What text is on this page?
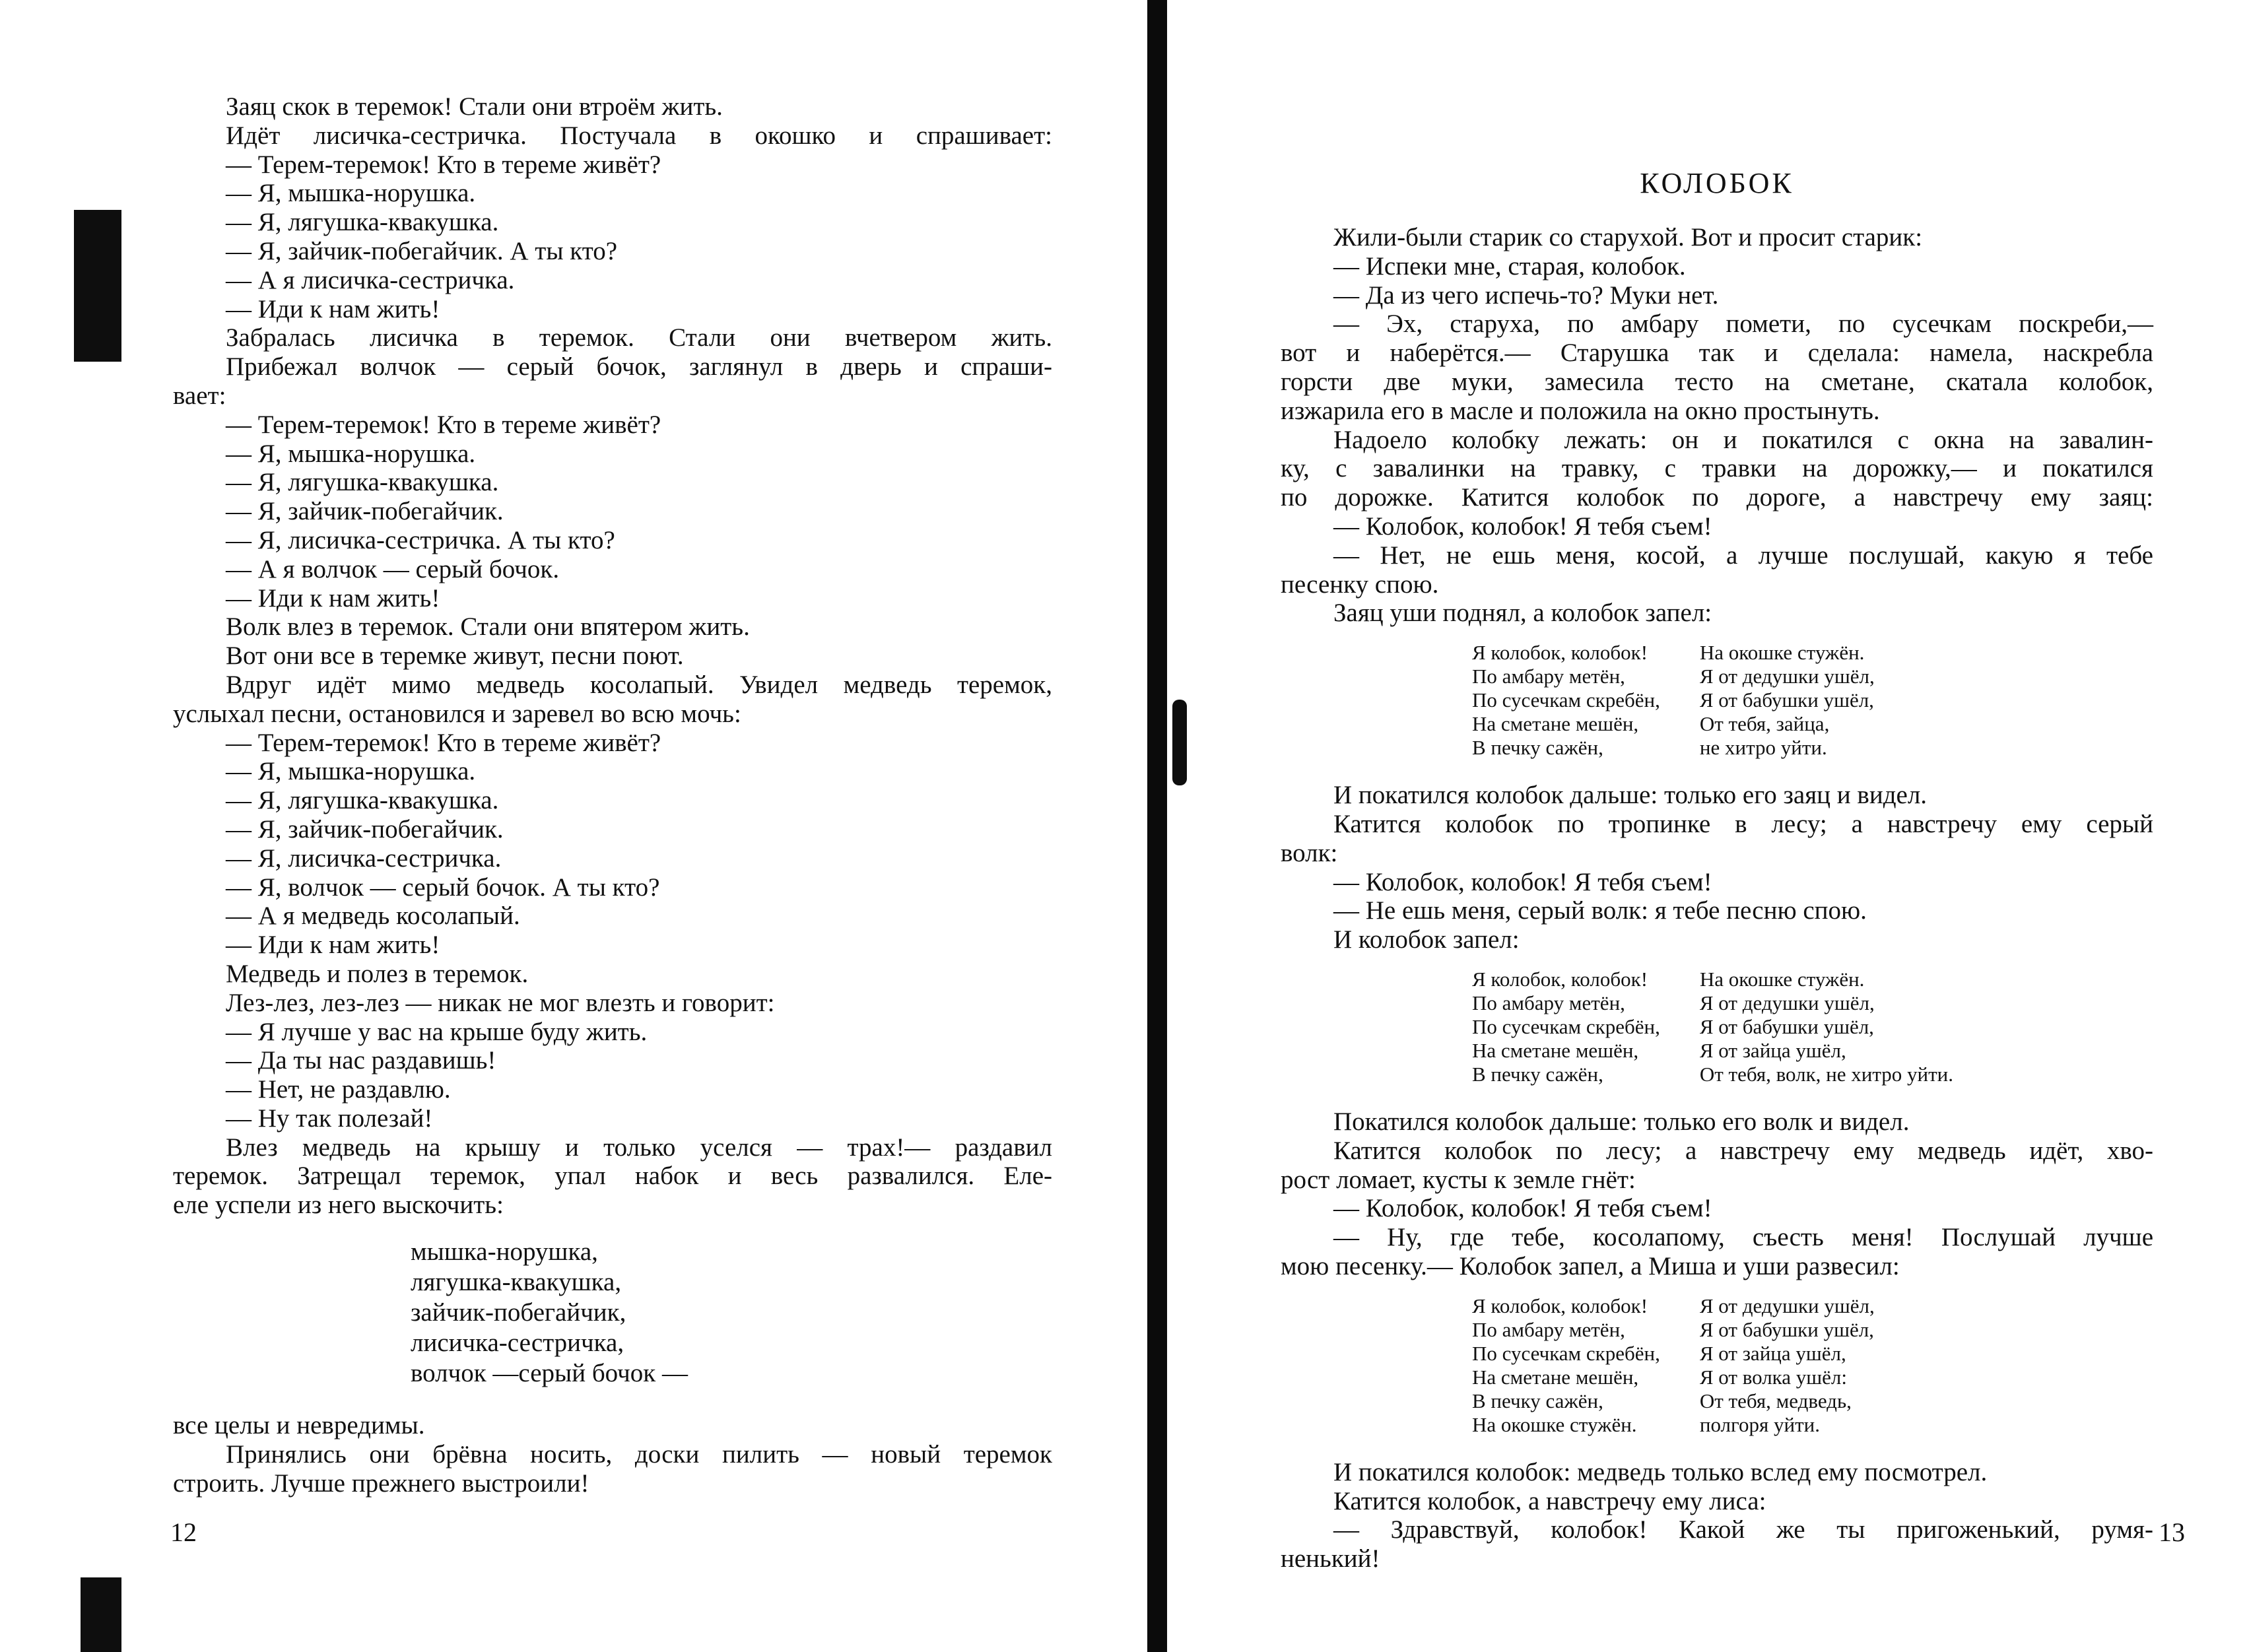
Заяц скок в теремок! Стали они втроём жить.
Идёт лисичка-сестричка. Постучала в окошко и спрашивает:
— Терем-теремок! Кто в тереме живёт?
— Я, мышка-норушка.
— Я, лягушка-квакушка.
— Я, зайчик-побегайчик. А ты кто?
— А я лисичка-сестричка.
— Иди к нам жить!
Забралась лисичка в теремок. Стали они вчетвером жить.
Прибежал волчок — серый бочок, заглянул в дверь и спраши-
вает:
— Терем-теремок! Кто в тереме живёт?
— Я, мышка-норушка.
— Я, лягушка-квакушка.
— Я, зайчик-побегайчик.
— Я, лисичка-сестричка. А ты кто?
— А я волчок — серый бочок.
— Иди к нам жить!
Волк влез в теремок. Стали они впятером жить.
Вот они все в теремке живут, песни поют.
Вдруг идёт мимо медведь косолапый. Увидел медведь теремок,
услыхал песни, остановился и заревел во всю мочь:
— Терем-теремок! Кто в тереме живёт?
— Я, мышка-норушка.
— Я, лягушка-квакушка.
— Я, зайчик-побегайчик.
— Я, лисичка-сестричка.
— Я, волчок — серый бочок. А ты кто?
— А я медведь косолапый.
— Иди к нам жить!
Медведь и полез в теремок.
Лез-лез, лез-лез — никак не мог влезть и говорит:
— Я лучше у вас на крыше буду жить.
— Да ты нас раздавишь!
— Нет, не раздавлю.
— Ну так полезай!
Влез медведь на крышу и только уселся — трах!— раздавил
теремок. Затрещал теремок, упал набок и весь развалился. Еле-
еле успели из него выскочить:
мышка-норушка,
лягушка-квакушка,
зайчик-побегайчик,
лисичка-сестричка,
волчок —серый бочок —
все целы и невредимы.
Принялись они брёвна носить, доски пилить — новый теремок
строить. Лучше прежнего выстроили!
12
КОЛОБОК
Жили-были старик со старухой. Вот и просит старик:
— Испеки мне, старая, колобок.
— Да из чего испечь-то? Муки нет.
— Эх, старуха, по амбару помети, по сусечкам поскреби,—
вот и наберётся.— Старушка так и сделала: намела, наскребла
горсти две муки, замесила тесто на сметане, скатала колобок,
изжарила его в масле и положила на окно простынуть.
Надоело колобку лежать: он и покатился с окна на завалин-
ку, с завалинки на травку, с травки на дорожку,— и покатился
по дорожке. Катится колобок по дороге, а навстречу ему заяц:
— Колобок, колобок! Я тебя съем!
— Нет, не ешь меня, косой, а лучше послушай, какую я тебе
песенку спою.
Заяц уши поднял, а колобок запел:
Я колобок, колобок!
По амбару метён,
По сусечкам скребён,
На сметане мешён,
В печку сажён,
На окошке стужён.
Я от дедушки ушёл,
Я от бабушки ушёл,
От тебя, зайца,
не хитро уйти.
И покатился колобок дальше: только его заяц и видел.
Катится колобок по тропинке в лесу; а навстречу ему серый
волк:
— Колобок, колобок! Я тебя съем!
— Не ешь меня, серый волк: я тебе песню спою.
И колобок запел:
Я колобок, колобок!
По амбару метён,
По сусечкам скребён,
На сметане мешён,
В печку сажён,
На окошке стужён.
Я от дедушки ушёл,
Я от бабушки ушёл,
Я от зайца ушёл,
От тебя, волк, не хитро уйти.
Покатился колобок дальше: только его волк и видел.
Катится колобок по лесу; а навстречу ему медведь идёт, хво-
рост ломает, кусты к земле гнёт:
— Колобок, колобок! Я тебя съем!
— Ну, где тебе, косолапому, съесть меня! Послушай лучше
мою песенку.— Колобок запел, а Миша и уши развесил:
Я колобок, колобок!
По амбару метён,
По сусечкам скребён,
На сметане мешён,
В печку сажён,
На окошке стужён.
Я от дедушки ушёл,
Я от бабушки ушёл,
Я от зайца ушёл,
Я от волка ушёл:
От тебя, медведь,
полгоря уйти.
И покатился колобок: медведь только вслед ему посмотрел.
Катится колобок, а навстречу ему лиса:
— Здравствуй, колобок! Какой же ты пригоженький, румя-
ненький!
13
